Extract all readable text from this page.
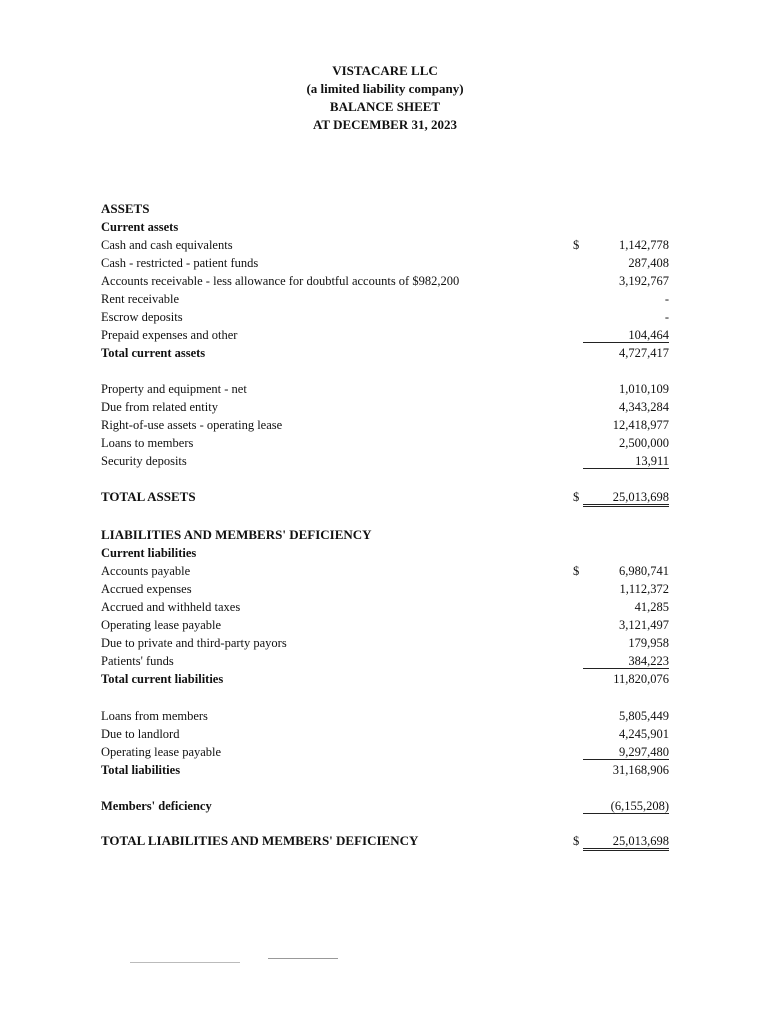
VISTACARE LLC
(a limited liability company)
BALANCE SHEET
AT DECEMBER 31, 2023
ASSETS
Current assets
Cash and cash equivalents	$	1,142,778
Cash - restricted - patient funds	287,408
Accounts receivable - less allowance for doubtful accounts of $982,200	3,192,767
Rent receivable	-
Escrow deposits	-
Prepaid expenses and other	104,464
Total current assets	4,727,417
Property and equipment - net	1,010,109
Due from related entity	4,343,284
Right-of-use assets - operating lease	12,418,977
Loans to members	2,500,000
Security deposits	13,911
TOTAL ASSETS	$	25,013,698
LIABILITIES AND MEMBERS' DEFICIENCY
Current liabilities
Accounts payable	$	6,980,741
Accrued expenses	1,112,372
Accrued and withheld taxes	41,285
Operating lease payable	3,121,497
Due to private and third-party payors	179,958
Patients' funds	384,223
Total current liabilities	11,820,076
Loans from members	5,805,449
Due to landlord	4,245,901
Operating lease payable	9,297,480
Total liabilities	31,168,906
Members' deficiency	(6,155,208)
TOTAL LIABILITIES AND MEMBERS' DEFICIENCY	$	25,013,698
